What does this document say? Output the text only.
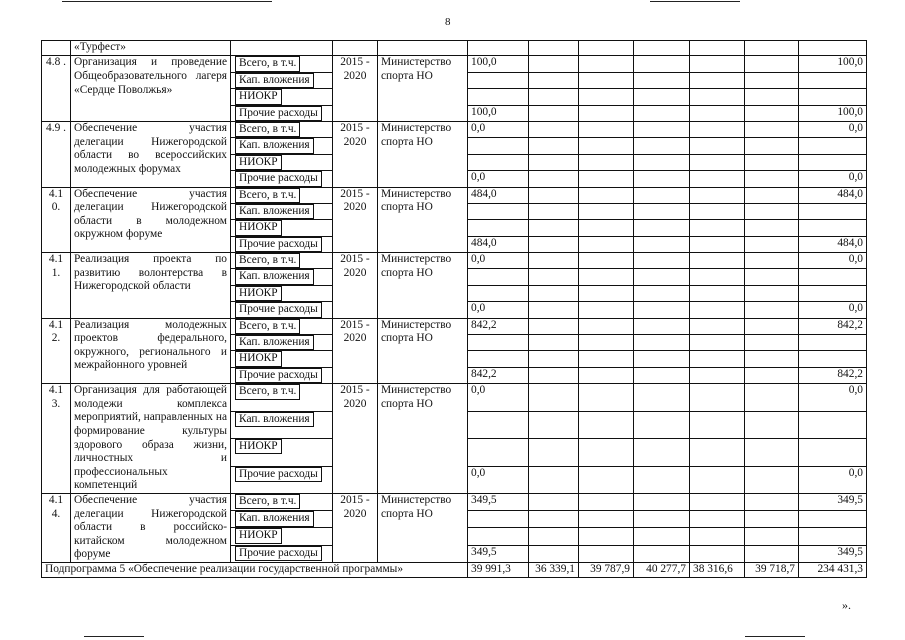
8
	«Турфест»										
4.8 .	Организация и проведение Общеобразовательного лагеря «Сердце Поволжья»	Всего, в т.ч.	2015 - 2020	Министерство спорта НО	100,0						100,0
		Кап. вложения									
		НИОКР									
		Прочие расходы			100,0						100,0
4.9 .	Обеспечение участия делегации Нижегородской области во всероссийских молодежных форумах	Всего, в т.ч.	2015 - 2020	Министерство спорта НО	0,0						0,0
		Кап. вложения									
		НИОКР									
		Прочие расходы			0,0						0,0
4.1 0.	Обеспечение участия делегации Нижегородской области в молодежном окружном форуме	Всего, в т.ч.	2015 - 2020	Министерство спорта НО	484,0						484,0
		Кап. вложения									
		НИОКР									
		Прочие расходы			484,0						484,0
4.1 1.	Реализация проекта по развитию волонтерства в Нижегородской области	Всего, в т.ч.	2015 - 2020	Министерство спорта НО	0,0						0,0
		Кап. вложения									
		НИОКР									
		Прочие расходы			0,0						0,0
4.1 2.	Реализация молодежных проектов федерального, окружного, регионального и межрайонного уровней	Всего, в т.ч.	2015 - 2020	Министерство спорта НО	842,2						842,2
		Кап. вложения									
		НИОКР									
		Прочие расходы			842,2						842,2
4.1 3.	Организация для работающей молодежи комплекса мероприятий, направленных на формирование культуры здорового образа жизни, личностных и профессиональных компетенций	Всего, в т.ч.	2015 - 2020	Министерство спорта НО	0,0						0,0
		Кап. вложения									
		НИОКР									
		Прочие расходы			0,0						0,0
4.1 4.	Обеспечение участия делегации Нижегородской области в российско-китайском молодежном форуме	Всего, в т.ч.	2015 - 2020	Министерство спорта НО	349,5						349,5
		Кап. вложения									
		НИОКР									
		Прочие расходы			349,5						349,5
Подпрограмма 5 «Обеспечение реализации государственной программы»					39 991,3	36 339,1	39 787,9	40 277,7	38 316,6	39 718,7	234 431,3
».
